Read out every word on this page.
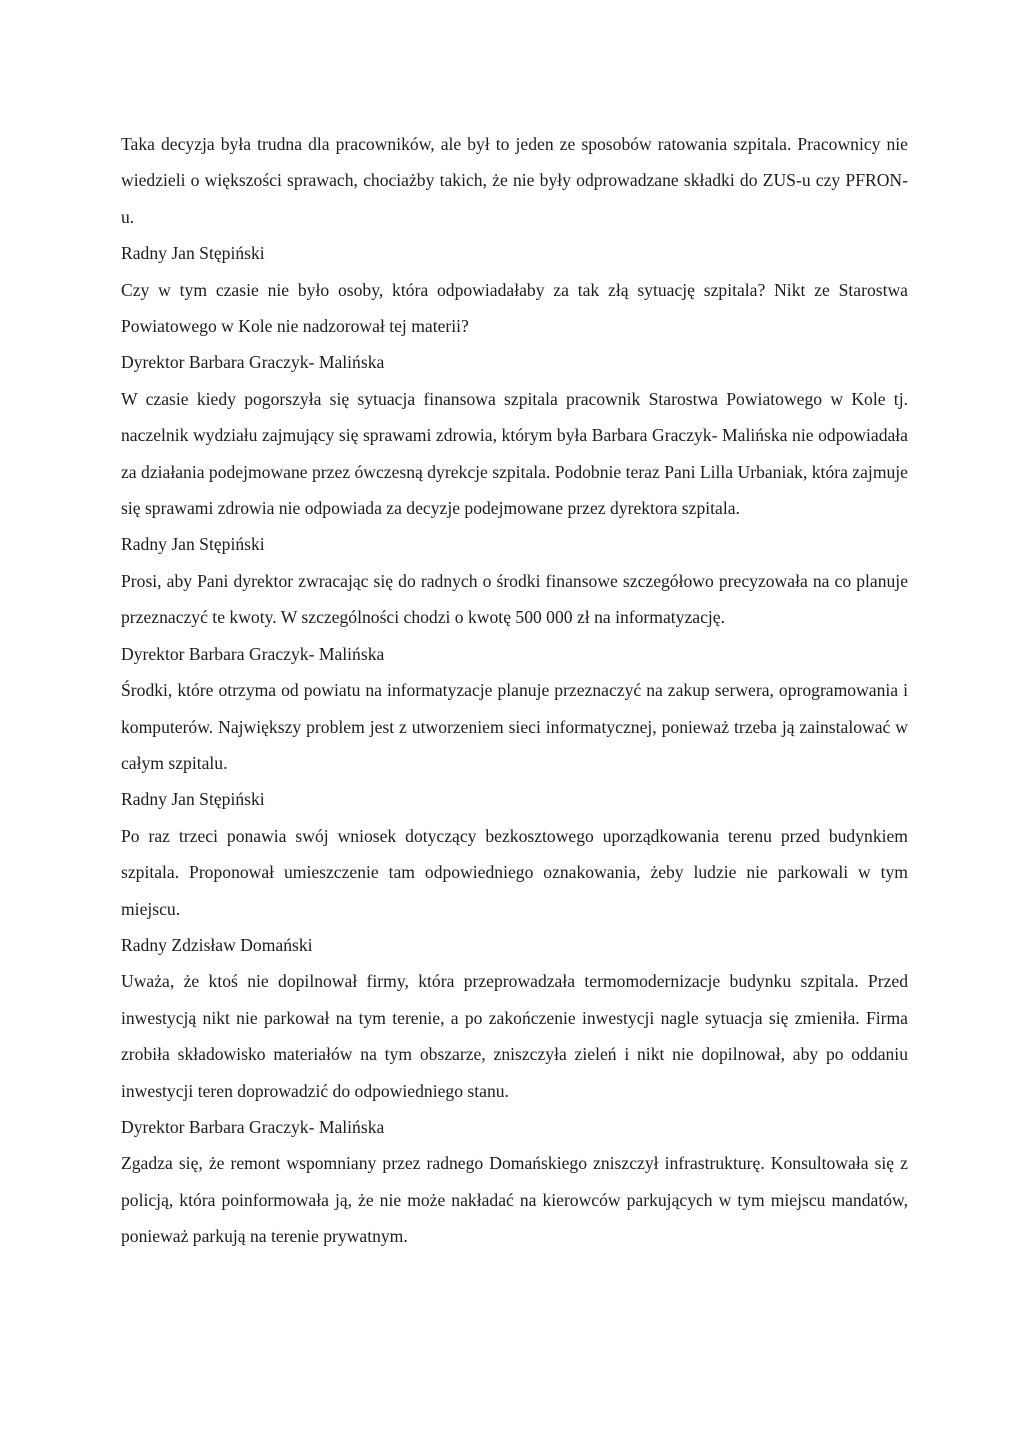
Taka decyzja była trudna dla pracowników, ale był to jeden ze sposobów ratowania szpitala. Pracownicy nie wiedzieli o większości sprawach, chociażby takich, że nie były odprowadzane składki do ZUS-u czy PFRON-u.

Radny Jan Stępiński

Czy w tym czasie nie było osoby, która odpowiadałaby za tak złą sytuację szpitala? Nikt ze Starostwa Powiatowego w Kole nie nadzorował tej materii?

Dyrektor Barbara Graczyk- Malińska

W czasie kiedy pogorszyła się sytuacja finansowa szpitala pracownik Starostwa Powiatowego w Kole tj. naczelnik wydziału zajmujący się sprawami zdrowia, którym była Barbara Graczyk- Malińska nie odpowiadała za działania podejmowane przez ówczesną dyrekcje szpitala. Podobnie teraz Pani Lilla Urbaniak, która zajmuje się sprawami zdrowia nie odpowiada za decyzje podejmowane przez dyrektora szpitala.

Radny Jan Stępiński

Prosi, aby Pani dyrektor zwracając się do radnych o środki finansowe szczegółowo precyzowała na co planuje przeznaczyć te kwoty. W szczególności chodzi o kwotę 500 000 zł na informatyzację.

Dyrektor Barbara Graczyk- Malińska

Środki, które otrzyma od powiatu na informatyzacje planuje przeznaczyć na zakup serwera, oprogramowania i komputerów. Największy problem jest z utworzeniem sieci informatycznej, ponieważ trzeba ją zainstalować w całym szpitalu.

Radny Jan Stępiński

Po raz trzeci ponawia swój wniosek dotyczący bezkosztowego uporządkowania terenu przed budynkiem szpitala. Proponował umieszczenie tam odpowiedniego oznakowania, żeby ludzie nie parkowali w tym miejscu.

Radny Zdzisław Domański

Uważa, że ktoś nie dopilnował firmy, która przeprowadzała termomodernizacje budynku szpitala. Przed inwestycją nikt nie parkował na tym terenie, a po zakończenie inwestycji nagle sytuacja się zmieniła. Firma zrobiła składowisko materiałów na tym obszarze, zniszczyła zieleń i nikt nie dopilnował, aby po oddaniu inwestycji teren doprowadzić do odpowiedniego stanu.

Dyrektor Barbara Graczyk- Malińska

Zgadza się, że remont wspomniany przez radnego Domańskiego zniszczył infrastrukturę. Konsultowała się z policją, która poinformowała ją, że nie może nakładać na kierowców parkujących w tym miejscu mandatów, ponieważ parkują na terenie prywatnym.
